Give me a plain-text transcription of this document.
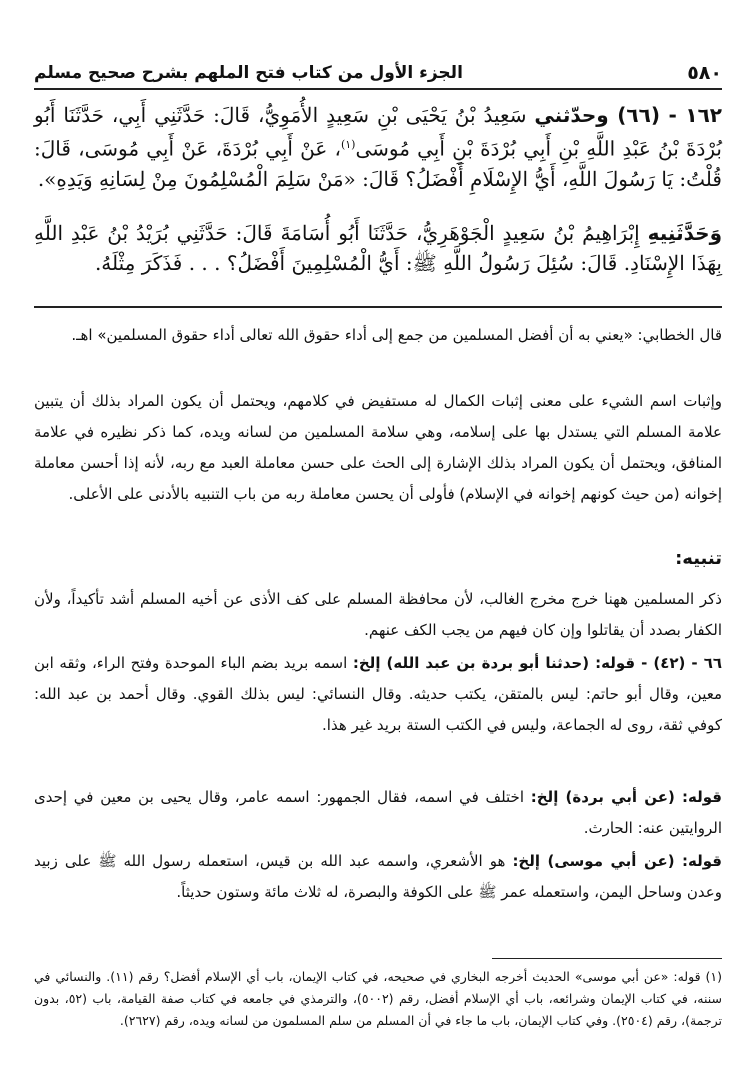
٥٨٠
الجزء الأول من كتاب فتح الملهم بشرح صحيح مسلم
١٦٢ - (٦٦) وحدّثني سَعِيدُ بْنُ يَحْيَى بْنِ سَعِيدٍ الأُمَوِيُّ، قَالَ: حَدَّثَنِي أَبِي، حَدَّثَنَا أَبُو بُرْدَةَ بْنُ عَبْدِ اللَّهِ بْنِ أَبِي بُرْدَةَ بْنِ أَبِي مُوسَى$^{(١)}$، عَنْ أَبِي بُرْدَةَ، عَنْ أَبِي مُوسَى، قَالَ: قُلْتُ: يَا رَسُولَ اللَّهِ، أَيُّ الإِسْلَامِ أَفْضَلُ؟ قَالَ: «مَنْ سَلِمَ الْمُسْلِمُونَ مِنْ لِسَانِهِ وَيَدِهِ».
وَحَدَّثَنِيهِ إِبْرَاهِيمُ بْنُ سَعِيدٍ الْجَوْهَرِيُّ، حَدَّثَنَا أَبُو أُسَامَةَ قَالَ: حَدَّثَنِي بُرَيْدُ بْنُ عَبْدِ اللَّهِ بِهَذَا الإِسْنَادِ. قَالَ: سُئِلَ رَسُولُ اللَّهِ ﷺ: أَيُّ الْمُسْلِمِينَ أَفْضَلُ؟ . . . فَذَكَرَ مِثْلَهُ.
قال الخطابي: «يعني به أن أفضل المسلمين من جمع إلى أداء حقوق الله تعالى أداء حقوق المسلمين» اهـ.
وإثبات اسم الشيء على معنى إثبات الكمال له مستفيض في كلامهم، ويحتمل أن يكون المراد بذلك أن يتبين علامة المسلم التي يستدل بها على إسلامه، وهي سلامة المسلمين من لسانه ويده، كما ذكر نظيره في علامة المنافق، ويحتمل أن يكون المراد بذلك الإشارة إلى الحث على حسن معاملة العبد مع ربه، لأنه إذا أحسن معاملة إخوانه (من حيث كونهم إخوانه في الإسلام) فأولى أن يحسن معاملة ربه من باب التنبيه بالأدنى على الأعلى.
تنبيه:
ذكر المسلمين ههنا خرج مخرج الغالب، لأن محافظة المسلم على كف الأذى عن أخيه المسلم أشد تأكيداً، ولأن الكفار بصدد أن يقاتلوا وإن كان فيهم من يجب الكف عنهم.
٦٦ - (٤٢) - قوله: (حدثنا أبو بردة بن عبد الله) إلخ: اسمه بريد بضم الباء الموحدة وفتح الراء، وثقه ابن معين، وقال أبو حاتم: ليس بالمتقن، يكتب حديثه. وقال النسائي: ليس بذلك القوي. وقال أحمد بن عبد الله: كوفي ثقة، روى له الجماعة، وليس في الكتب الستة بريد غير هذا.
قوله: (عن أبي بردة) إلخ: اختلف في اسمه، فقال الجمهور: اسمه عامر، وقال يحيى بن معين في إحدى الروايتين عنه: الحارث.
قوله: (عن أبي موسى) إلخ: هو الأشعري، واسمه عبد الله بن قيس، استعمله رسول الله ﷺ على زبيد وعدن وساحل اليمن، واستعمله عمر ﷺ على الكوفة والبصرة، له ثلاث مائة وستون حديثاً.
(١) قوله: «عن أبي موسى» الحديث أخرجه البخاري في صحيحه، في كتاب الإيمان، باب أي الإسلام أفضل؟ رقم (١١). والنسائي في سننه، في كتاب الإيمان وشرائعه، باب أي الإسلام أفضل، رقم (٥٠٠٢)، والترمذي في جامعه في كتاب صفة القيامة، باب (٥٢، بدون ترجمة)، رقم (٢٥٠٤). وفي كتاب الإيمان، باب ما جاء في أن المسلم من سلم المسلمون من لسانه ويده، رقم (٢٦٢٧).
